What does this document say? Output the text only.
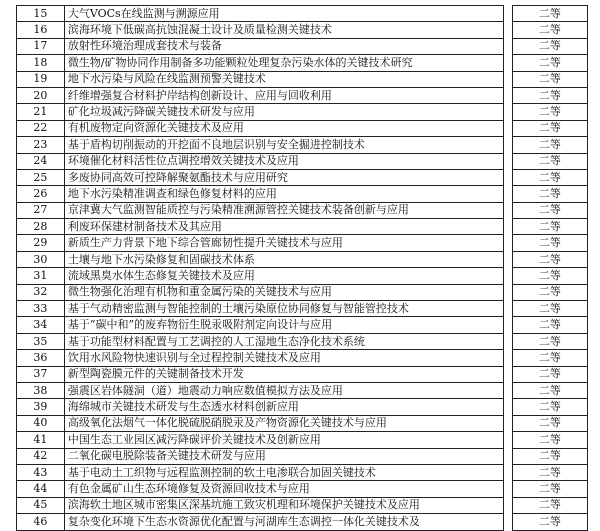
15	大气VOCs在线监测与溯源应用		二等
16	滨海环境下低碳高抗蚀混凝土设计及质量检测关键技术		二等
17	放射性环境治理成套技术与装备		二等
18	微生物/矿物协同作用制备多功能颗粒处理复杂污染水体的关键技术研究		二等
19	地下水污染与风险在线监测预警关键技术		二等
20	纤维增强复合材料护岸结构创新设计、应用与回收利用		二等
21	矿化垃圾减污降碳关键技术研发与应用		二等
22	有机废物定向资源化关键技术及应用		二等
23	基于盾构切削振动的开挖面不良地层识别与安全掘进控制技术		二等
24	环境催化材料活性位点调控增效关键技术及应用		二等
25	多废协同高效可控降解聚氨酯技术与应用研究		二等
26	地下水污染精准调查和绿色修复材料的应用		二等
27	京津冀大气监测智能质控与污染精准溯源管控关键技术装备创新与应用		二等
28	利废环保建材制备技术及其应用		二等
29	新质生产力背景下地下综合管廊韧性提升关键技术与应用		二等
30	土壤与地下水污染修复和固碳技术体系		二等
31	流域黑臭水体生态修复关键技术及应用		二等
32	微生物强化治理有机物和重金属污染的关键技术与应用		二等
33	基于气动精密监测与智能控制的土壤污染原位协同修复与智能管控技术		二等
34	基于“碳中和”的废弃物衍生脱汞吸附剂定向设计与应用		二等
35	基于功能型材料配置与工艺调控的人工湿地生态净化技术系统		二等
36	饮用水风险物快速识别与全过程控制关键技术及应用		二等
37	新型陶瓷膜元件的关键制备技术开发		二等
38	强震区岩体隧洞（道）地震动力响应数值模拟方法及应用		二等
39	海绵城市关键技术研发与生态透水材料创新应用		二等
40	高级氧化法烟气一体化脱硫脱硝脱汞及产物资源化关键技术与应用		二等
41	中国生态工业园区减污降碳评价关键技术及创新应用		二等
42	二氧化碳电脱除装备关键技术研发与应用		二等
43	基于电动土工织物与远程监测控制的软土电渗联合加固关键技术		二等
44	有色金属矿山生态环境修复及资源回收技术与应用		二等
45	滨海软土地区城市密集区深基坑施工致灾机理和环境保护关键技术及应用		二等
46	复杂变化环境下生态水资源优化配置与河湖库生态调控一体化关键技术及		二等
